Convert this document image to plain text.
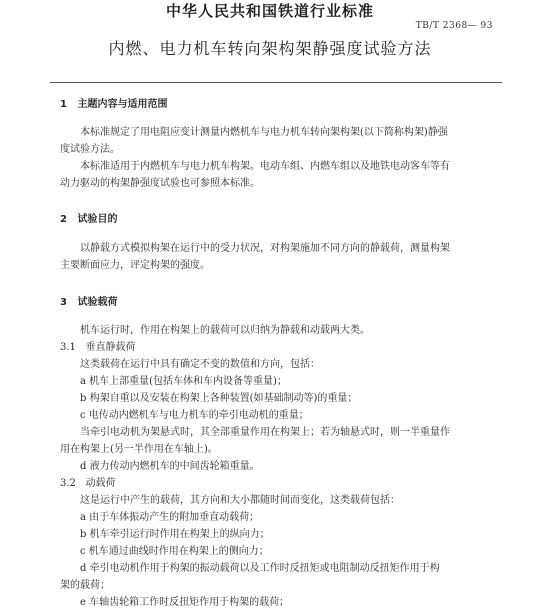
中华人民共和国铁道行业标准
TB/T 2368— 93
内燃、电力机车转向架构架静强度试验方法
1 主题内容与适用范围
本标准规定了用电阻应变计测量内燃机车与电力机车转向架构架(以下简称构架)静强
度试验方法。
本标准适用于内燃机车与电力机车构架。电动车组、内燃车组以及地铁电动客车等有
动力驱动的构架静强度试验也可参照本标准。
2 试验目的
以静载方式模拟构架在运行中的受力状况，对构架施加不同方向的静载荷，测量构架
主要断面应力，评定构架的强度。
3 试验载荷
机车运行时，作用在构架上的载荷可以归纳为静载和动载两大类。
3.1 垂直静载荷
这类载荷在运行中具有确定不变的数值和方向，包括：
a 机车上部重量(包括车体和车内设备等重量)；
b 构架自重以及安装在构架上各种装置(如基础制动等)的重量；
c 电传动内燃机车与电力机车的牵引电动机的重量；
当牵引电动机为架悬式时，其全部重量作用在构架上；若为轴悬式时，则一半重量作
用在构架上(另一半作用在车轴上)。
d 液力传动内燃机车的中间齿轮箱重量。
3.2 动载荷
这是运行中产生的载荷，其方向和大小都随时间而变化，这类载荷包括：
a 由于车体振动产生的附加垂直动载荷；
b 机车牵引运行时作用在构架上的纵向力；
c 机车通过曲线时作用在构架上的侧向力；
d 牵引电动机作用于构架的振动载荷以及工作时反扭矩或电阻制动反扭矩作用于构
架的载荷；
e 车轴齿轮箱工作时反扭矩作用于构架的载荷；
